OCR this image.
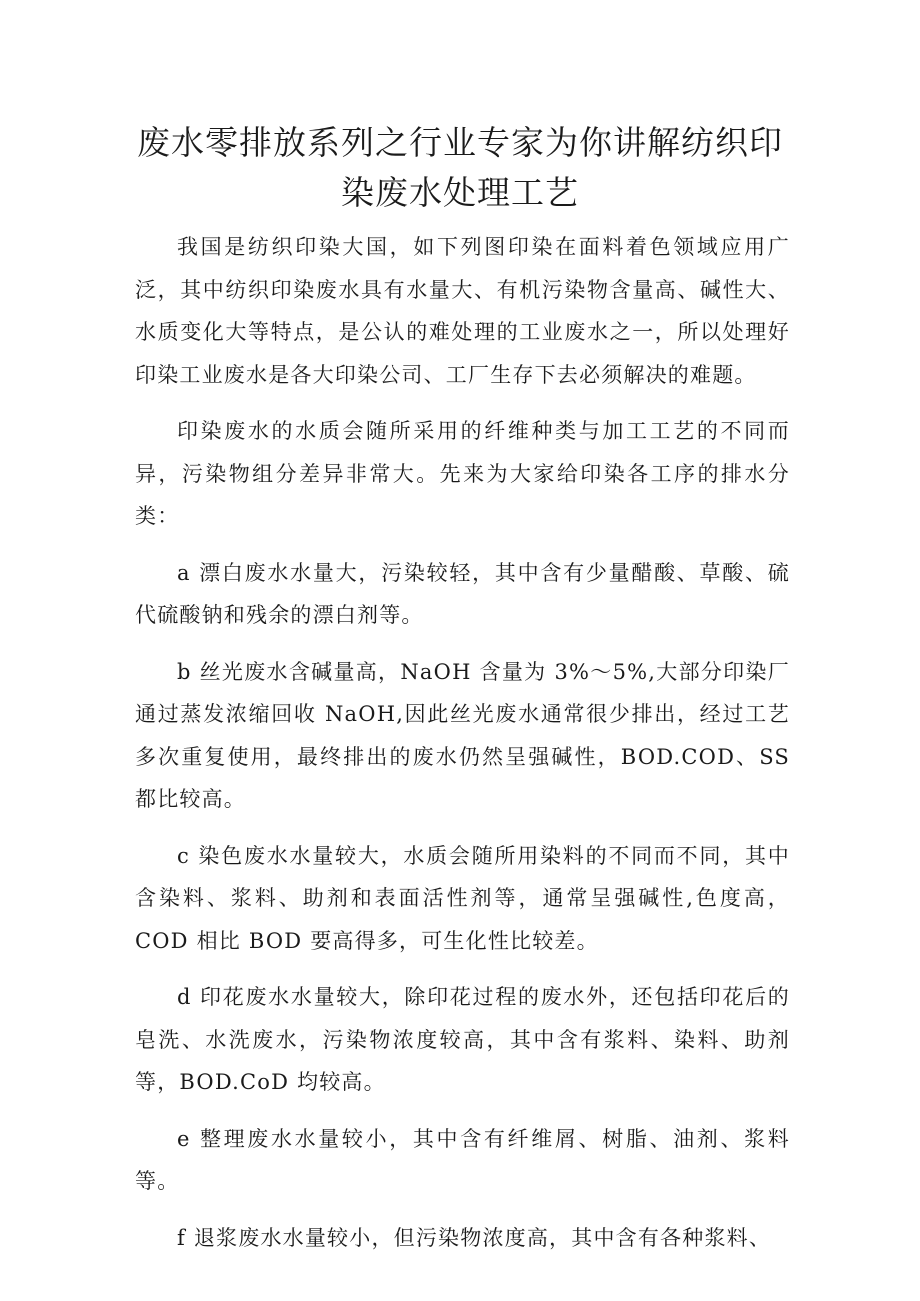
废水零排放系列之行业专家为你讲解纺织印染废水处理工艺

我国是纺织印染大国，如下列图印染在面料着色领域应用广泛，其中纺织印染废水具有水量大、有机污染物含量高、碱性大、水质变化大等特点，是公认的难处理的工业废水之一，所以处理好印染工业废水是各大印染公司、工厂生存下去必须解决的难题。

印染废水的水质会随所采用的纤维种类与加工工艺的不同而异，污染物组分差异非常大。先来为大家给印染各工序的排水分类：

a 漂白废水水量大，污染较轻，其中含有少量醋酸、草酸、硫代硫酸钠和残余的漂白剂等。

b 丝光废水含碱量高，NaOH 含量为 3%～5%,大部分印染厂通过蒸发浓缩回收 NaOH,因此丝光废水通常很少排出，经过工艺多次重复使用，最终排出的废水仍然呈强碱性，BOD.COD、SS 都比较高。

c 染色废水水量较大，水质会随所用染料的不同而不同，其中含染料、浆料、助剂和表面活性剂等，通常呈强碱性,色度高，COD 相比 BOD 要高得多，可生化性比较差。

d 印花废水水量较大，除印花过程的废水外，还包括印花后的皂洗、水洗废水，污染物浓度较高，其中含有浆料、染料、助剂等，BOD.CoD 均较高。

e 整理废水水量较小，其中含有纤维屑、树脂、油剂、浆料等。

f 退浆废水水量较小，但污染物浓度高，其中含有各种浆料、
